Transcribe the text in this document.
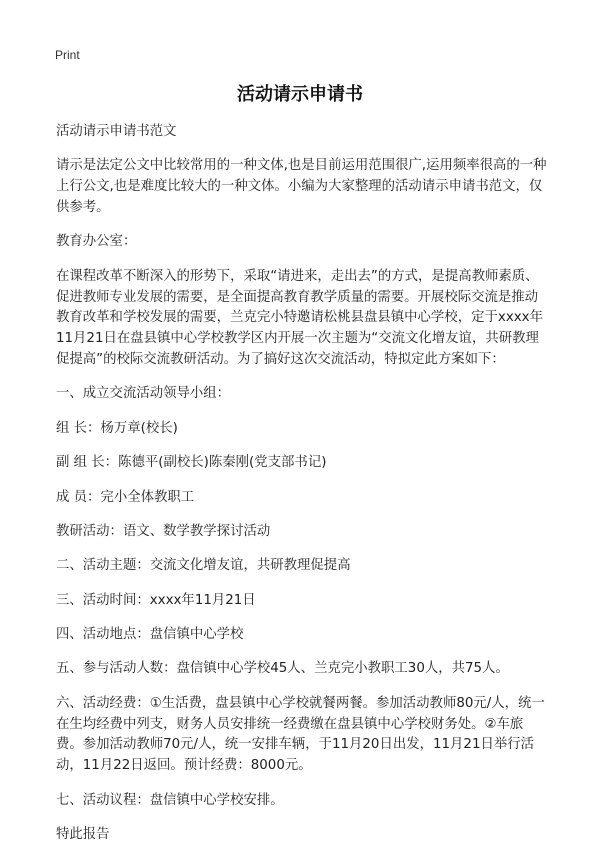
Print
活动请示申请书

活动请示申请书范文

请示是法定公文中比较常用的一种文体,也是目前运用范围很广,运用频率很高的一种上行公文,也是难度比较大的一种文体。小编为大家整理的活动请示申请书范文，仅供参考。

教育办公室：

在课程改革不断深入的形势下，采取“请进来，走出去”的方式，是提高教师素质、促进教师专业发展的需要，是全面提高教育教学质量的需要。开展校际交流是推动教育改革和学校发展的需要，兰克完小特邀请松桃县盘县镇中心学校，定于xxxx年11月21日在盘县镇中心学校教学区内开展一次主题为“交流文化增友谊，共研教理促提高”的校际交流教研活动。为了搞好这次交流活动，特拟定此方案如下：

一、成立交流活动领导小组：

组 长：杨万章(校长)

副 组 长：陈德平(副校长)陈秦刚(党支部书记)

成 员：完小全体教职工

教研活动：语文、数学教学探讨活动

二、活动主题：交流文化增友谊，共研教理促提高

三、活动时间：xxxx年11月21日

四、活动地点：盘信镇中心学校

五、参与活动人数：盘信镇中心学校45人、兰克完小教职工30人，共75人。

六、活动经费：①生活费，盘县镇中心学校就餐两餐。参加活动教师80元/人，统一在生均经费中列支，财务人员安排统一经费缴在盘县镇中心学校财务处。②车旅费。参加活动教师70元/人，统一安排车辆，于11月20日出发，11月21日举行活动，11月22日返回。预计经费：8000元。

七、活动议程：盘信镇中心学校安排。

特此报告
